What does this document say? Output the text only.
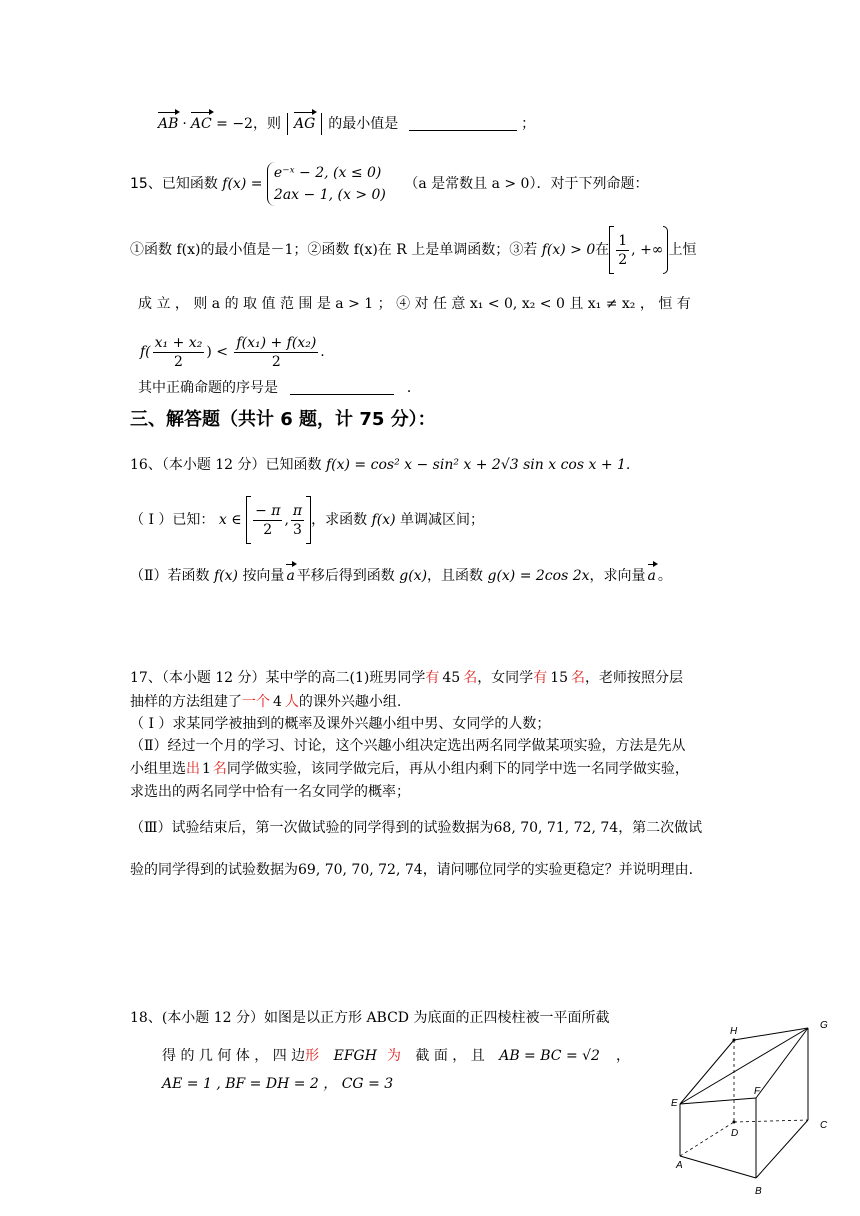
AB · AC = −2，则 AG 的最小值是	；
15、已知函数 f(x) =
e⁻ˣ − 2, (x ≤ 0)
2ax − 1, (x > 0)
（a 是常数且 a > 0）．对于下列命题：
①函数 f(x)的最小值是－1；②函数 f(x)在 R 上是单调函数；③若 f(x) > 0在 $\frac{1}{2}$ , +∞ 上恒
成 立 ， 则 a 的 取 值 范 围 是 a > 1 ； ④ 对 任 意 x₁ < 0, x₂ < 0 且 x₁ ≠ x₂ ， 恒 有
$f( \frac{\text{x₁ + x₂}}{2}$ ) < $\frac{\text{f(x₁) + f(x₂)}}{2}$ .
其中正确命题的序号是	．
三、解答题（共计 6 题，计 75 分）：
16、（本小题 12 分）已知函数 f(x) = cos² x − sin² x + 2√3 sin x cos x + 1.
（ I ）已知： x ∈ $\frac{- \pi}{2}$ , $\frac{\pi}{3}$ ，求函数 f(x) 单调减区间；
（Ⅱ）若函数 f(x) 按向量 a 平移后得到函数 g(x)，且函数 g(x) = 2cos 2x，求向量 a 。
17、（本小题 12 分）某中学的高二(1)班男同学有 45 名，女同学有 15 名，老师按照分层
抽样的方法组建了一个 4 人的课外兴趣小组.
（ I ）求某同学被抽到的概率及课外兴趣小组中男、女同学的人数；
（Ⅱ）经过一个月的学习、讨论，这个兴趣小组决定选出两名同学做某项实验，方法是先从
小组里选出 1 名同学做实验，该同学做完后，再从小组内剩下的同学中选一名同学做实验，
求选出的两名同学中恰有一名女同学的概率；
（Ⅲ）试验结束后，第一次做试验的同学得到的试验数据为68, 70, 71, 72, 74，第二次做试
验的同学得到的试验数据为69, 70, 70, 72, 74，请问哪位同学的实验更稳定？并说明理由.
18、(本小题 12 分）如图是以正方形 ABCD 为底面的正四棱柱被一平面所截
得 的 几 何 体 ， 四 边形 EFGH 为 截 面 ， 且 AB = BC = √2 ，
AE = 1 , BF = DH = 2 ， CG = 3
H
G
E
F
D
A
B
C
